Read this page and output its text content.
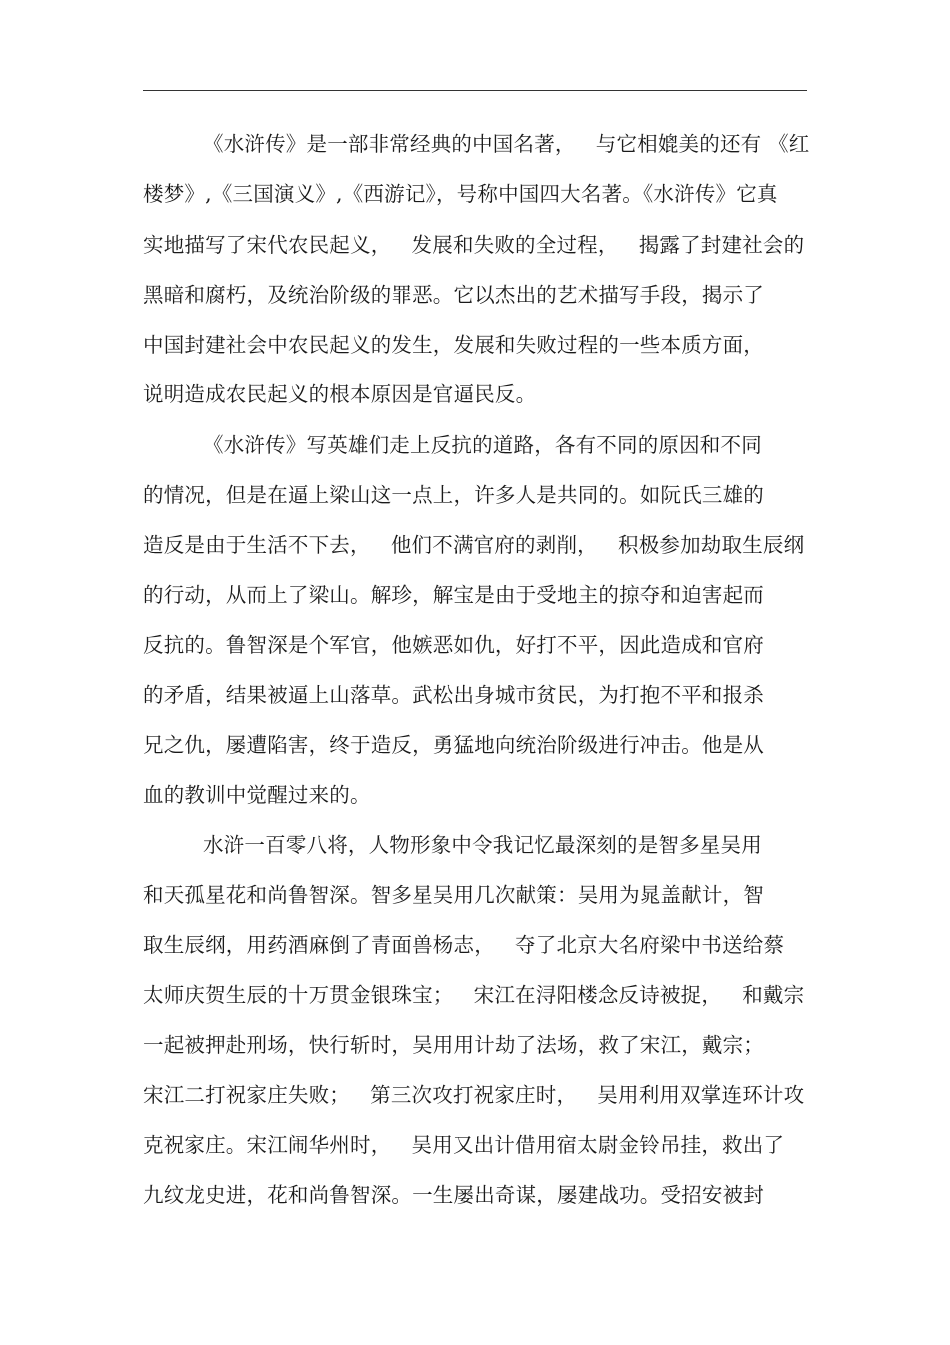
《水浒传》是一部非常经典的中国名著，   与它相媲美的还有 《红
楼梦》,《三国演义》,《西游记》，号称中国四大名著。《水浒传》它真
实地描写了宋代农民起义，   发展和失败的全过程，   揭露了封建社会的
黑暗和腐朽，及统治阶级的罪恶。它以杰出的艺术描写手段，揭示了
中国封建社会中农民起义的发生，发展和失败过程的一些本质方面，
说明造成农民起义的根本原因是官逼民反。
《水浒传》写英雄们走上反抗的道路，各有不同的原因和不同
的情况，但是在逼上梁山这一点上，许多人是共同的。如阮氏三雄的
造反是由于生活不下去，   他们不满官府的剥削，   积极参加劫取生辰纲
的行动，从而上了梁山。解珍，解宝是由于受地主的掠夺和迫害起而
反抗的。鲁智深是个军官，他嫉恶如仇，好打不平，因此造成和官府
的矛盾，结果被逼上山落草。武松出身城市贫民，为打抱不平和报杀
兄之仇，屡遭陷害，终于造反，勇猛地向统治阶级进行冲击。他是从
血的教训中觉醒过来的。
水浒一百零八将，人物形象中令我记忆最深刻的是智多星吴用
和天孤星花和尚鲁智深。智多星吴用几次献策：吴用为晁盖献计，智
取生辰纲，用药酒麻倒了青面兽杨志，   夺了北京大名府梁中书送给蔡
太师庆贺生辰的十万贯金银珠宝；   宋江在浔阳楼念反诗被捉，   和戴宗
一起被押赴刑场，快行斩时，吴用用计劫了法场，救了宋江，戴宗；
宋江二打祝家庄失败；   第三次攻打祝家庄时，   吴用利用双掌连环计攻
克祝家庄。宋江闹华州时，   吴用又出计借用宿太尉金铃吊挂，救出了
九纹龙史进，花和尚鲁智深。一生屡出奇谋，屡建战功。受招安被封
